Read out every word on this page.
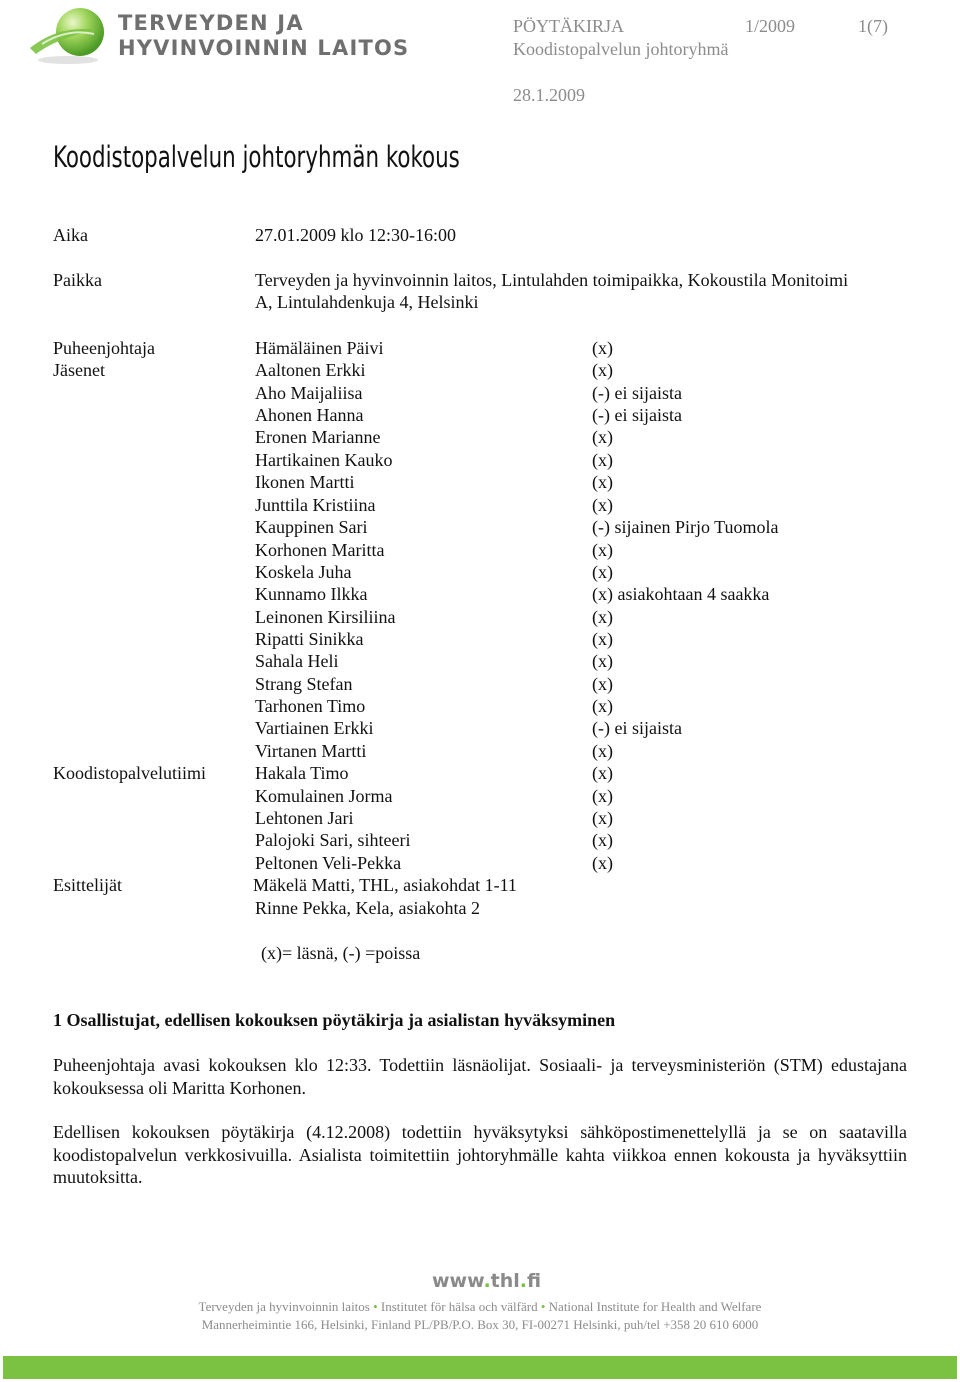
TERVEYDEN JA
HYVINVOINNIN LAITOS
PÖYTÄKIRJA	1/2009	1(7)
Koodistopalvelun johtoryhmä
28.1.2009
Koodistopalvelun johtoryhmän kokous
Aika	27.01.2009 klo 12:30-16:00
Paikka	Terveyden ja hyvinvoinnin laitos, Lintulahden toimipaikka, Kokoustila Monitoimi
A, Lintulahdenkuja 4, Helsinki
Puheenjohtaja	Hämäläinen Päivi	(x)
Jäsenet	Aaltonen Erkki	(x)
Aho Maijaliisa	(-) ei sijaista
Ahonen Hanna	(-) ei sijaista
Eronen Marianne	(x)
Hartikainen Kauko	(x)
Ikonen Martti	(x)
Junttila Kristiina	(x)
Kauppinen Sari	(-) sijainen Pirjo Tuomola
Korhonen Maritta	(x)
Koskela Juha	(x)
Kunnamo Ilkka	(x) asiakohtaan 4 saakka
Leinonen Kirsiliina	(x)
Ripatti Sinikka	(x)
Sahala Heli	(x)
Strang Stefan	(x)
Tarhonen Timo	(x)
Vartiainen Erkki	(-) ei sijaista
Virtanen Martti	(x)
Koodistopalvelutiimi	Hakala Timo	(x)
Komulainen Jorma	(x)
Lehtonen Jari	(x)
Palojoki Sari, sihteeri	(x)
Peltonen Veli-Pekka	(x)
Esittelijät	Mäkelä Matti, THL, asiakohdat 1-11
Rinne Pekka, Kela, asiakohta 2
(x)= läsnä, (-) =poissa
1 Osallistujat, edellisen kokouksen pöytäkirja ja asialistan hyväksyminen
Puheenjohtaja avasi kokouksen klo 12:33. Todettiin läsnäolijat. Sosiaali- ja terveysministeriön (STM) edustajana kokouksessa oli Maritta Korhonen.
Edellisen kokouksen pöytäkirja (4.12.2008) todettiin hyväksytyksi sähköpostimenettelyllä ja se on saatavilla koodistopalvelun verkkosivuilla. Asialista toimitettiin johtoryhmälle kahta viikkoa ennen kokousta ja hyväksyttiin muutoksitta.
www.thl.fi
Terveyden ja hyvinvoinnin laitos • Institutet för hälsa och välfärd • National Institute for Health and Welfare
Mannerheimintie 166, Helsinki, Finland PL/PB/P.O. Box 30, FI-00271 Helsinki, puh/tel +358 20 610 6000
